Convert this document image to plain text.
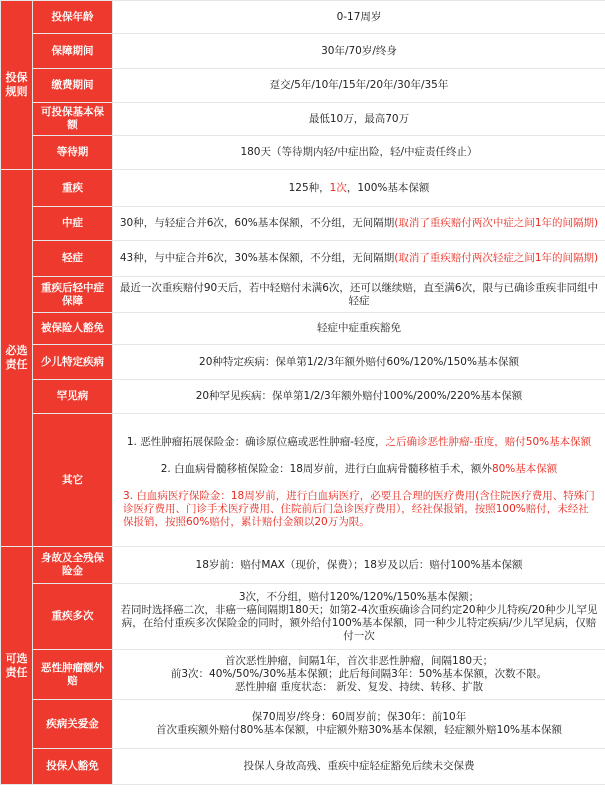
投保规则	投保年龄	0-17周岁
	保障期间	30年/70岁/终身
	缴费期间	趸交/5年/10年/15年/20年/30年/35年
	可投保基本保额	最低10万，最高70万
	等待期	180天（等待期内轻/中症出险，轻/中症责任终止）
必选责任	重疾	125种，1次，100%基本保额
	中症	30种，与轻症合并6次，60%基本保额，不分组，无间隔期(取消了重疾赔付两次中症之间1年的间隔期)
	轻症	43种，与中症合并6次，30%基本保额，不分组，无间隔期(取消了重疾赔付两次轻症之间1年的间隔期)
	重疾后轻中症保障	最近一次重疾赔付90天后，若中轻赔付未满6次，还可以继续赔，直至满6次，限与已确诊重疾非同组中轻症
	被保险人豁免	轻症中症重疾豁免
	少儿特定疾病	20种特定疾病：保单第1/2/3年额外赔付60%/120%/150%基本保额
	罕见病	20种罕见疾病：保单第1/2/3年额外赔付100%/200%/220%基本保额
	其它	1. 恶性肿瘤拓展保险金：确诊原位癌或恶性肿瘤-轻度，之后确诊恶性肿瘤-重度，赔付50%基本保额
2. 白血病骨髓移植保险金：18周岁前，进行白血病骨髓移植手术，额外80%基本保额
3. 白血病医疗保险金：18周岁前，进行白血病医疗，必要且合理的医疗费用(含住院医疗费用、特殊门诊医疗费用、门诊手术医疗费用、住院前后门急诊医疗费用），经社保报销，按照100%赔付，未经社保报销，按照60%赔付，累计赔付金额以20万为限。

可选责任	身故及全残保险金	18岁前：赔付MAX（现价，保费）；18岁及以后：赔付100%基本保额
	重疾多次	3次，不分组，赔付120%/120%/150%基本保额；
若同时选择癌二次，非癌一癌间隔期180天；如第2-4次重疾确诊合同约定20种少儿特疾/20种少儿罕见病，在给付重疾多次保险金的同时，额外给付100%基本保额，同一种少儿特定疾病/少儿罕见病，仅赔付一次

	恶性肿瘤额外赔	首次恶性肿瘤，间隔1年，首次非恶性肿瘤，间隔180天；
前3次：40%/50%/30%基本保额；此后每间隔3年：50%基本保额，次数不限。
恶性肿瘤 重度状态： 新发、复发、持续、转移、扩散

	疾病关爱金	保70周岁/终身：60周岁前；保30年：前10年
首次重疾额外赔付80%基本保额，中症额外赔30%基本保额，轻症额外赔10%基本保额

	投保人豁免	投保人身故高残、重疾中症轻症豁免后续未交保费
